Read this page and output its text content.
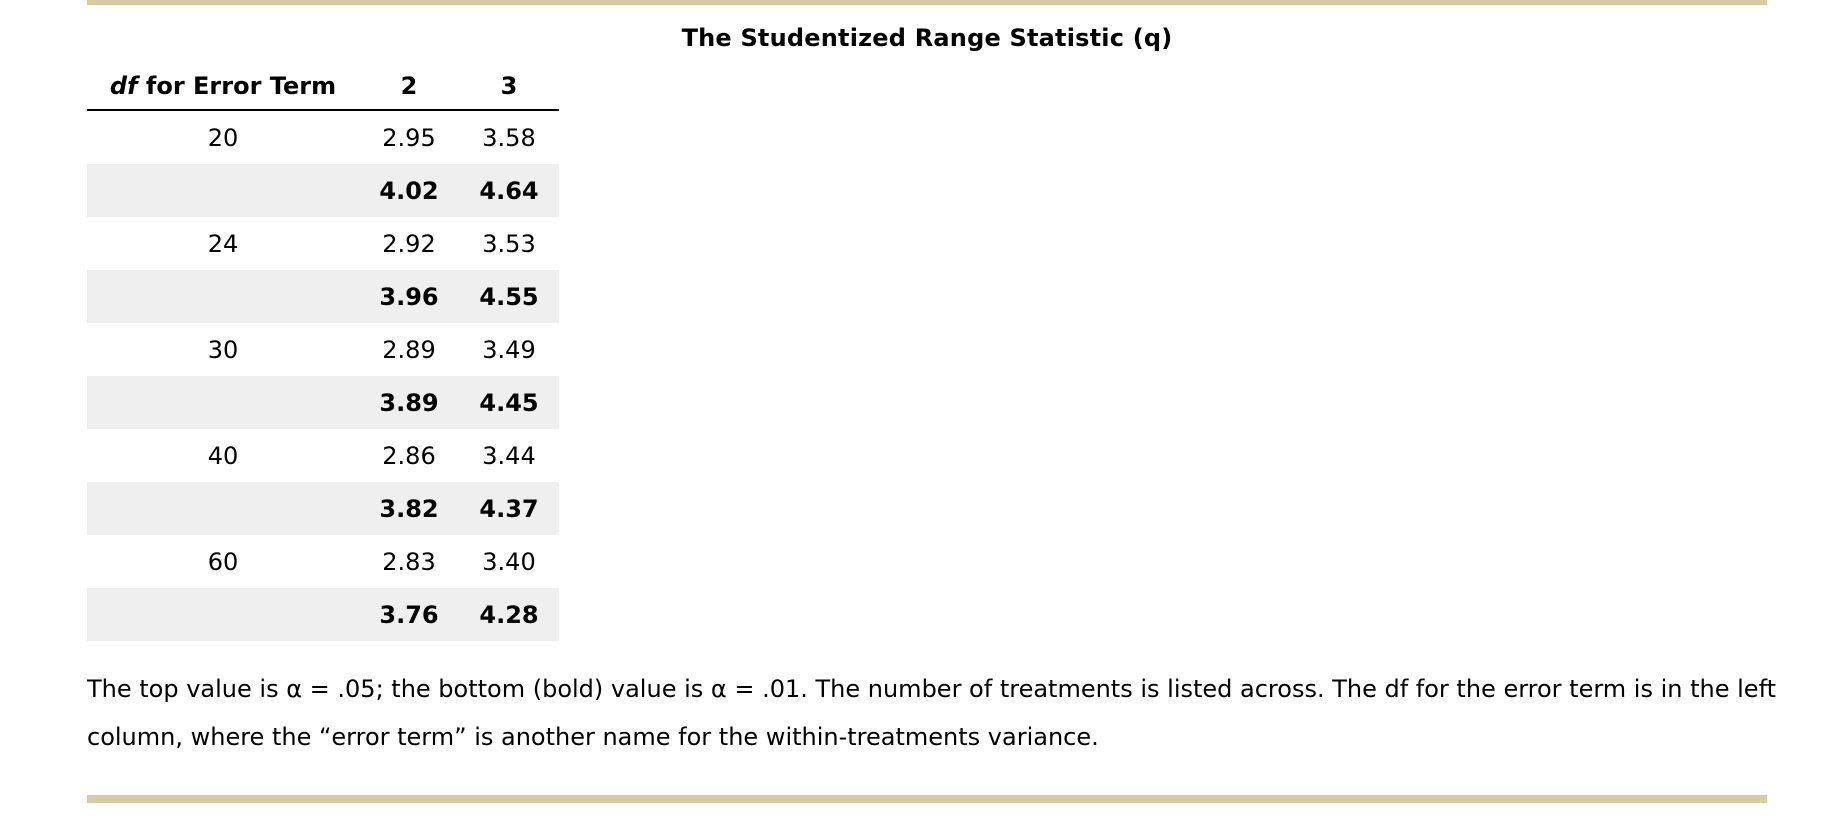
The Studentized Range Statistic (q)
df for Error Term	2	3
20	2.95	3.58
	4.02	4.64
24	2.92	3.53
	3.96	4.55
30	2.89	3.49
	3.89	4.45
40	2.86	3.44
	3.82	4.37
60	2.83	3.40
	3.76	4.28
The top value is α = .05; the bottom (bold) value is α = .01. The number of treatments is listed across. The df for the error term is in the left column, where the “error term” is another name for the within-treatments variance.
